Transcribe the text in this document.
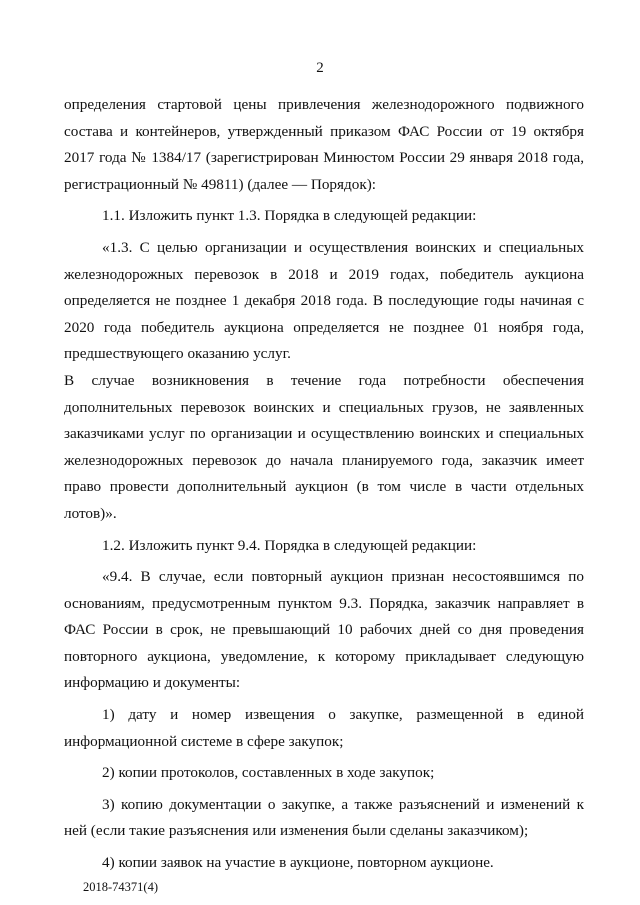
2

определения стартовой цены привлечения железнодорожного подвижного состава и контейнеров, утвержденный приказом ФАС России от 19 октября 2017 года № 1384/17 (зарегистрирован Минюстом России 29 января 2018 года, регистрационный № 49811) (далее — Порядок):

1.1. Изложить пункт 1.3. Порядка в следующей редакции:

«1.3. С целью организации и осуществления воинских и специальных железнодорожных перевозок в 2018 и 2019 годах, победитель аукциона определяется не позднее 1 декабря 2018 года. В последующие годы начиная с 2020 года победитель аукциона определяется не позднее 01 ноября года, предшествующего оказанию услуг.

В случае возникновения в течение года потребности обеспечения дополнительных перевозок воинских и специальных грузов, не заявленных заказчиками услуг по организации и осуществлению воинских и специальных железнодорожных перевозок до начала планируемого года, заказчик имеет право провести дополнительный аукцион (в том числе в части отдельных лотов)».

1.2. Изложить пункт 9.4. Порядка в следующей редакции:

«9.4. В случае, если повторный аукцион признан несостоявшимся по основаниям, предусмотренным пунктом 9.3. Порядка, заказчик направляет в ФАС России в срок, не превышающий 10 рабочих дней со дня проведения повторного аукциона, уведомление, к которому прикладывает следующую информацию и документы:

1) дату и номер извещения о закупке, размещенной в единой информационной системе в сфере закупок;

2) копии протоколов, составленных в ходе закупок;

3) копию документации о закупке, а также разъяснений и изменений к ней (если такие разъяснения или изменения были сделаны заказчиком);

4) копии заявок на участие в аукционе, повторном аукционе.

2018-74371(4)
